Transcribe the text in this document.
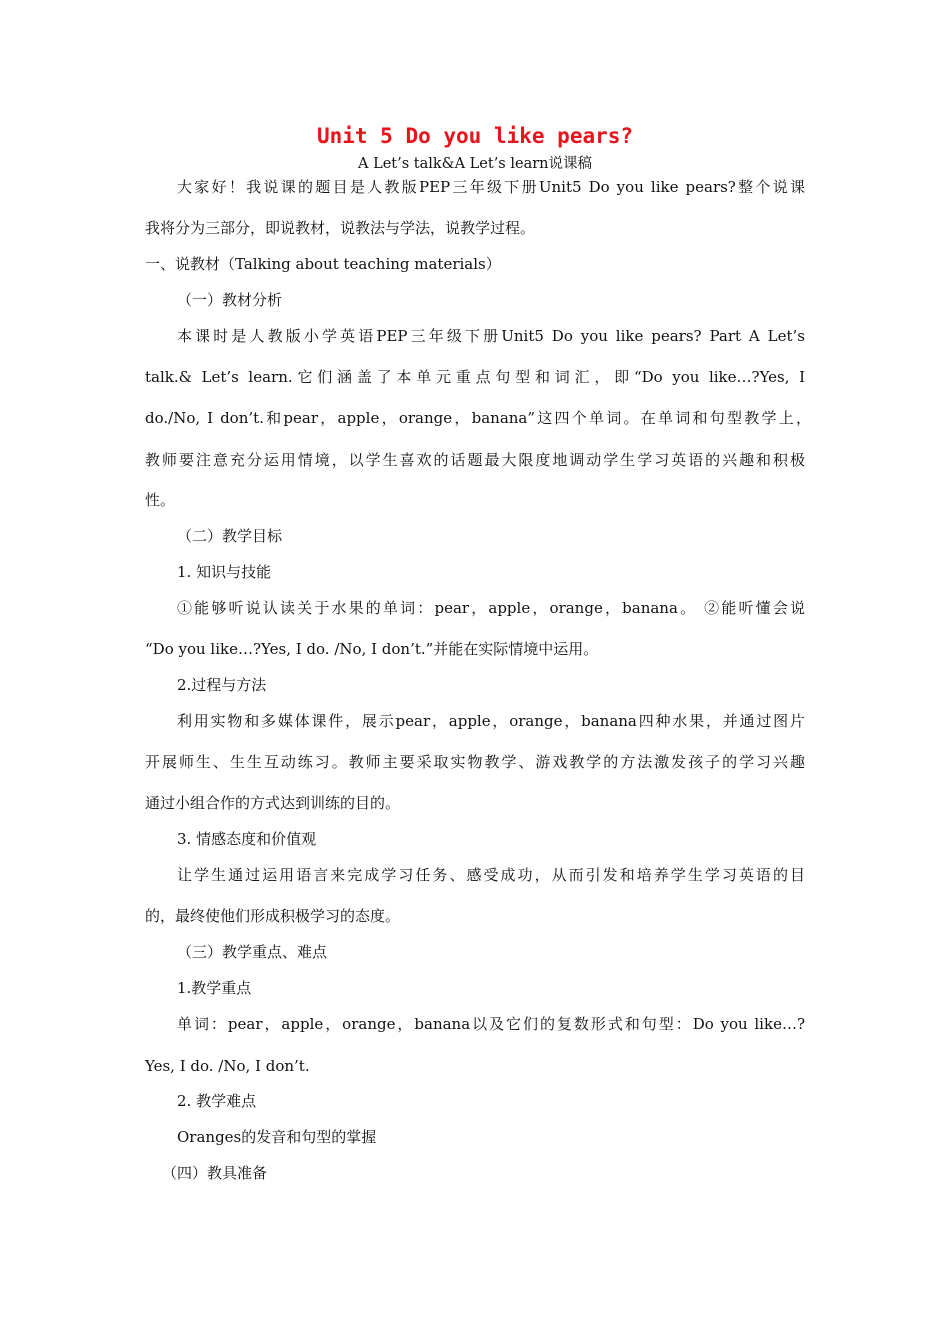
Unit 5 Do you like pears?
A Let’s talk&A Let’s learn说课稿
大家好！我说课的题目是人教版PEP三年级下册Unit5 Do you like pears?整个说课
我将分为三部分，即说教材，说教法与学法，说教学过程。
一、说教材（Talking about teaching materials）
（一）教材分析
本课时是人教版小学英语PEP三年级下册Unit5 Do you like pears? Part A Let’s
talk.& Let’s learn.它们涵盖了本单元重点句型和词汇，即“Do you like…?Yes, I
do./No, I don’t.和pear，apple，orange，banana”这四个单词。在单词和句型教学上，
教师要注意充分运用情境，以学生喜欢的话题最大限度地调动学生学习英语的兴趣和积极
性。
（二）教学目标
1. 知识与技能
①能够听说认读关于水果的单词：pear，apple，orange，banana。 ②能听懂会说
“Do you like…?Yes, I do. /No, I don’t.”并能在实际情境中运用。
2.过程与方法
利用实物和多媒体课件，展示pear，apple，orange，banana四种水果，并通过图片
开展师生、生生互动练习。教师主要采取实物教学、游戏教学的方法激发孩子的学习兴趣
通过小组合作的方式达到训练的目的。
3. 情感态度和价值观
让学生通过运用语言来完成学习任务、感受成功，从而引发和培养学生学习英语的目
的，最终使他们形成积极学习的态度。
（三）教学重点、难点
1.教学重点
单词：pear，apple，orange，banana以及它们的复数形式和句型：Do you like…?
Yes, I do. /No, I don’t.
2. 教学难点
Oranges的发音和句型的掌握
（四）教具准备
